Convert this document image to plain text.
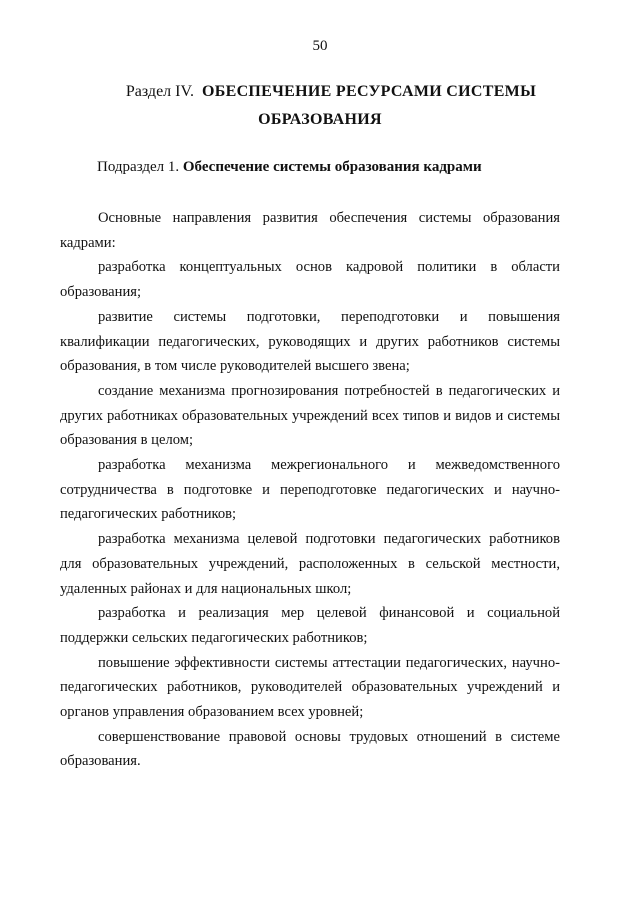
50
Раздел IV. ОБЕСПЕЧЕНИЕ РЕСУРСАМИ СИСТЕМЫ
ОБРАЗОВАНИЯ
Подраздел 1. Обеспечение системы образования кадрами

Основные направления развития обеспечения системы образования кадрами:

разработка концептуальных основ кадровой политики в области образования;

развитие системы подготовки, переподготовки и повышения квалификации педагогических, руководящих и других работников системы образования, в том числе руководителей высшего звена;

создание механизма прогнозирования потребностей в педагогических и других работниках образовательных учреждений всех типов и видов и системы образования в целом;

разработка механизма межрегионального и межведомственного сотрудничества в подготовке и переподготовке педагогических и научно-педагогических работников;

разработка механизма целевой подготовки педагогических работников для образовательных учреждений, расположенных в сельской местности, удаленных районах и для национальных школ;

разработка и реализация мер целевой финансовой и социальной поддержки сельских педагогических работников;

повышение эффективности системы аттестации педагогических, научно-педагогических работников, руководителей образовательных учреждений и органов управления образованием всех уровней;

совершенствование правовой основы трудовых отношений в системе образования.
